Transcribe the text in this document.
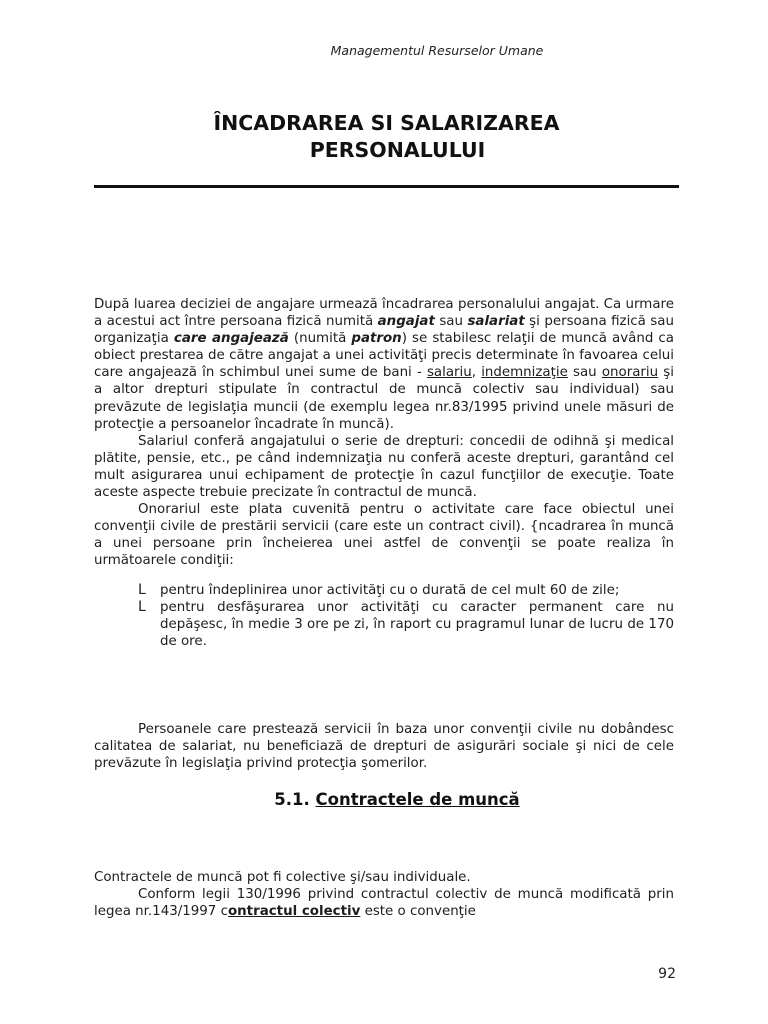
Managementul Resurselor Umane
ÎNCADRAREA SI SALARIZAREA

PERSONALULUI

După luarea deciziei de angajare urmează încadrarea personalului angajat. Ca urmare a acestui act între persoana fizică numită angajat sau salariat şi persoana fizică sau organizaţia care angajează (numită patron) se stabilesc relaţii de muncă având ca obiect prestarea de către angajat a unei activităţi precis determinate în favoarea celui care angajează în schimbul unei sume de bani - salariu, indemnizaţie sau onorariu şi a altor drepturi stipulate în contractul de muncă colectiv sau individual) sau prevăzute de legislaţia muncii (de exemplu legea nr.83/1995 privind unele măsuri de protecţie a persoanelor încadrate în muncă).

Salariul conferă angajatului o serie de drepturi: concedii de odihnă şi medical plătite, pensie, etc., pe când indemnizaţia nu conferă aceste drepturi, garantând cel mult asigurarea unui echipament de protecţie în cazul funcţiilor de execuţie. Toate aceste aspecte trebuie precizate în contractul de muncă.

Onorariul este plata cuvenită pentru o activitate care face obiectul unei convenţii civile de prestării servicii (care este un contract civil). {ncadrarea în muncă a unei persoane prin încheierea unei astfel de convenţii se poate realiza în următoarele condiţii:

L	pentru îndeplinirea unor activităţi cu o durată de cel mult 60 de zile;
L	pentru desfăşurarea unor activităţi cu caracter permanent care nu depăşesc, în medie 3 ore pe zi, în raport cu pragramul lunar de lucru de 170 de ore.

Persoanele care prestează servicii în baza unor convenţii civile nu dobândesc calitatea de salariat, nu beneficiază de drepturi de asigurări sociale şi nici de cele prevăzute în legislaţia privind protecţia şomerilor.

5.1. Contractele de muncă

Contractele de muncă pot fi colective şi/sau individuale.

Conform legii 130/1996 privind contractul colectiv de muncă modificată prin legea nr.143/1997 contractul colectiv este o convenţie

92
